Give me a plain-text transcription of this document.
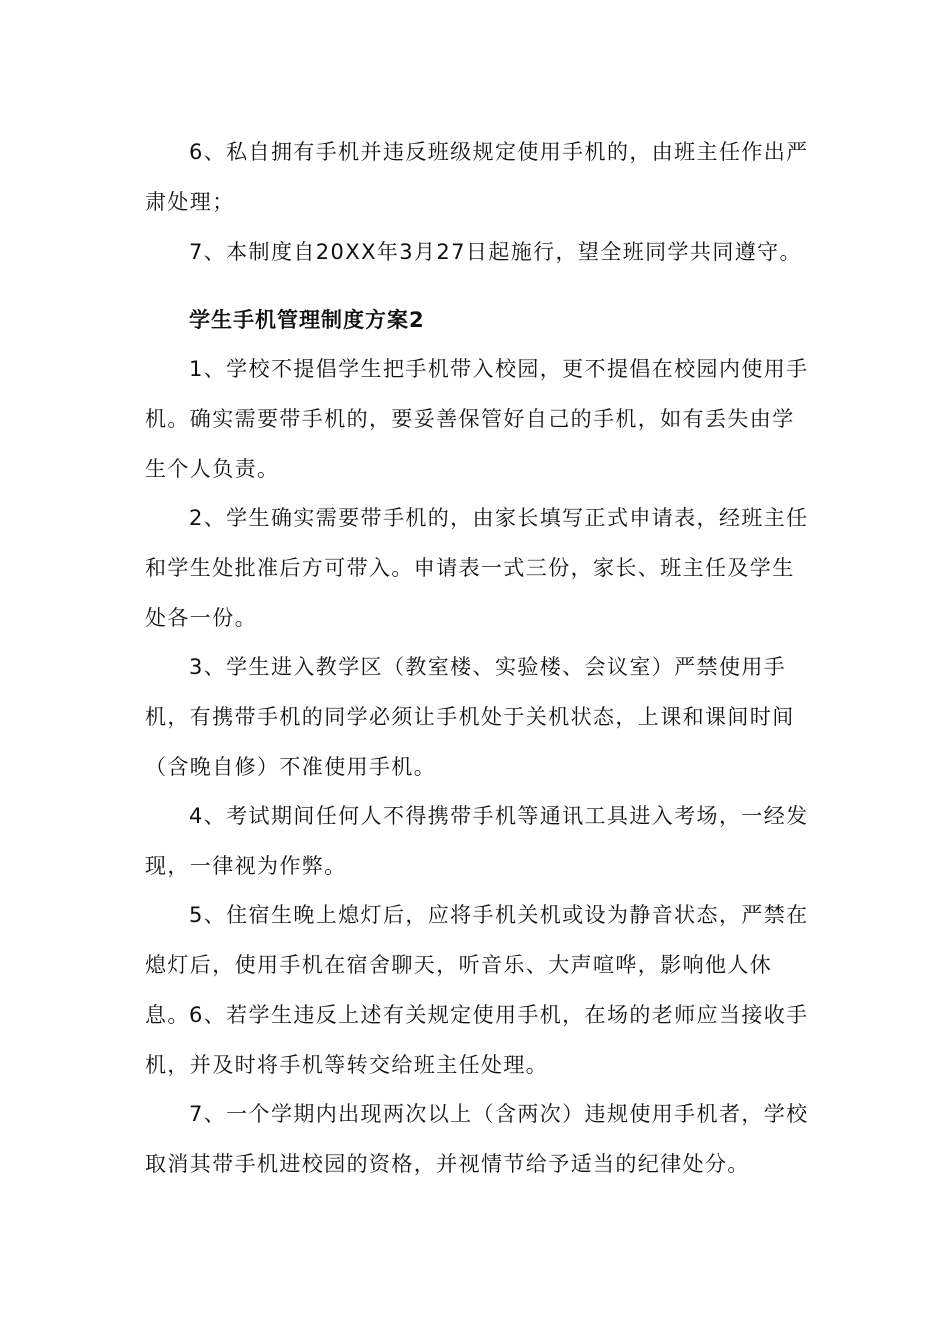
6、私自拥有手机并违反班级规定使用手机的，由班主任作出严肃处理；

7、本制度自20XX年3月27日起施行，望全班同学共同遵守。

学生手机管理制度方案2

1、学校不提倡学生把手机带入校园，更不提倡在校园内使用手机。确实需要带手机的，要妥善保管好自己的手机，如有丢失由学生个人负责。

2、学生确实需要带手机的，由家长填写正式申请表，经班主任和学生处批准后方可带入。申请表一式三份，家长、班主任及学生处各一份。

3、学生进入教学区（教室楼、实验楼、会议室）严禁使用手机，有携带手机的同学必须让手机处于关机状态，上课和课间时间（含晚自修）不准使用手机。

4、考试期间任何人不得携带手机等通讯工具进入考场，一经发现，一律视为作弊。

5、住宿生晚上熄灯后，应将手机关机或设为静音状态，严禁在熄灯后，使用手机在宿舍聊天，听音乐、大声喧哗，影响他人休息。 6、若学生违反上述有关规定使用手机，在场的老师应当接收手机，并及时将手机等转交给班主任处理。

7、一个学期内出现两次以上（含两次）违规使用手机者，学校取消其带手机进校园的资格，并视情节给予适当的纪律处分。
